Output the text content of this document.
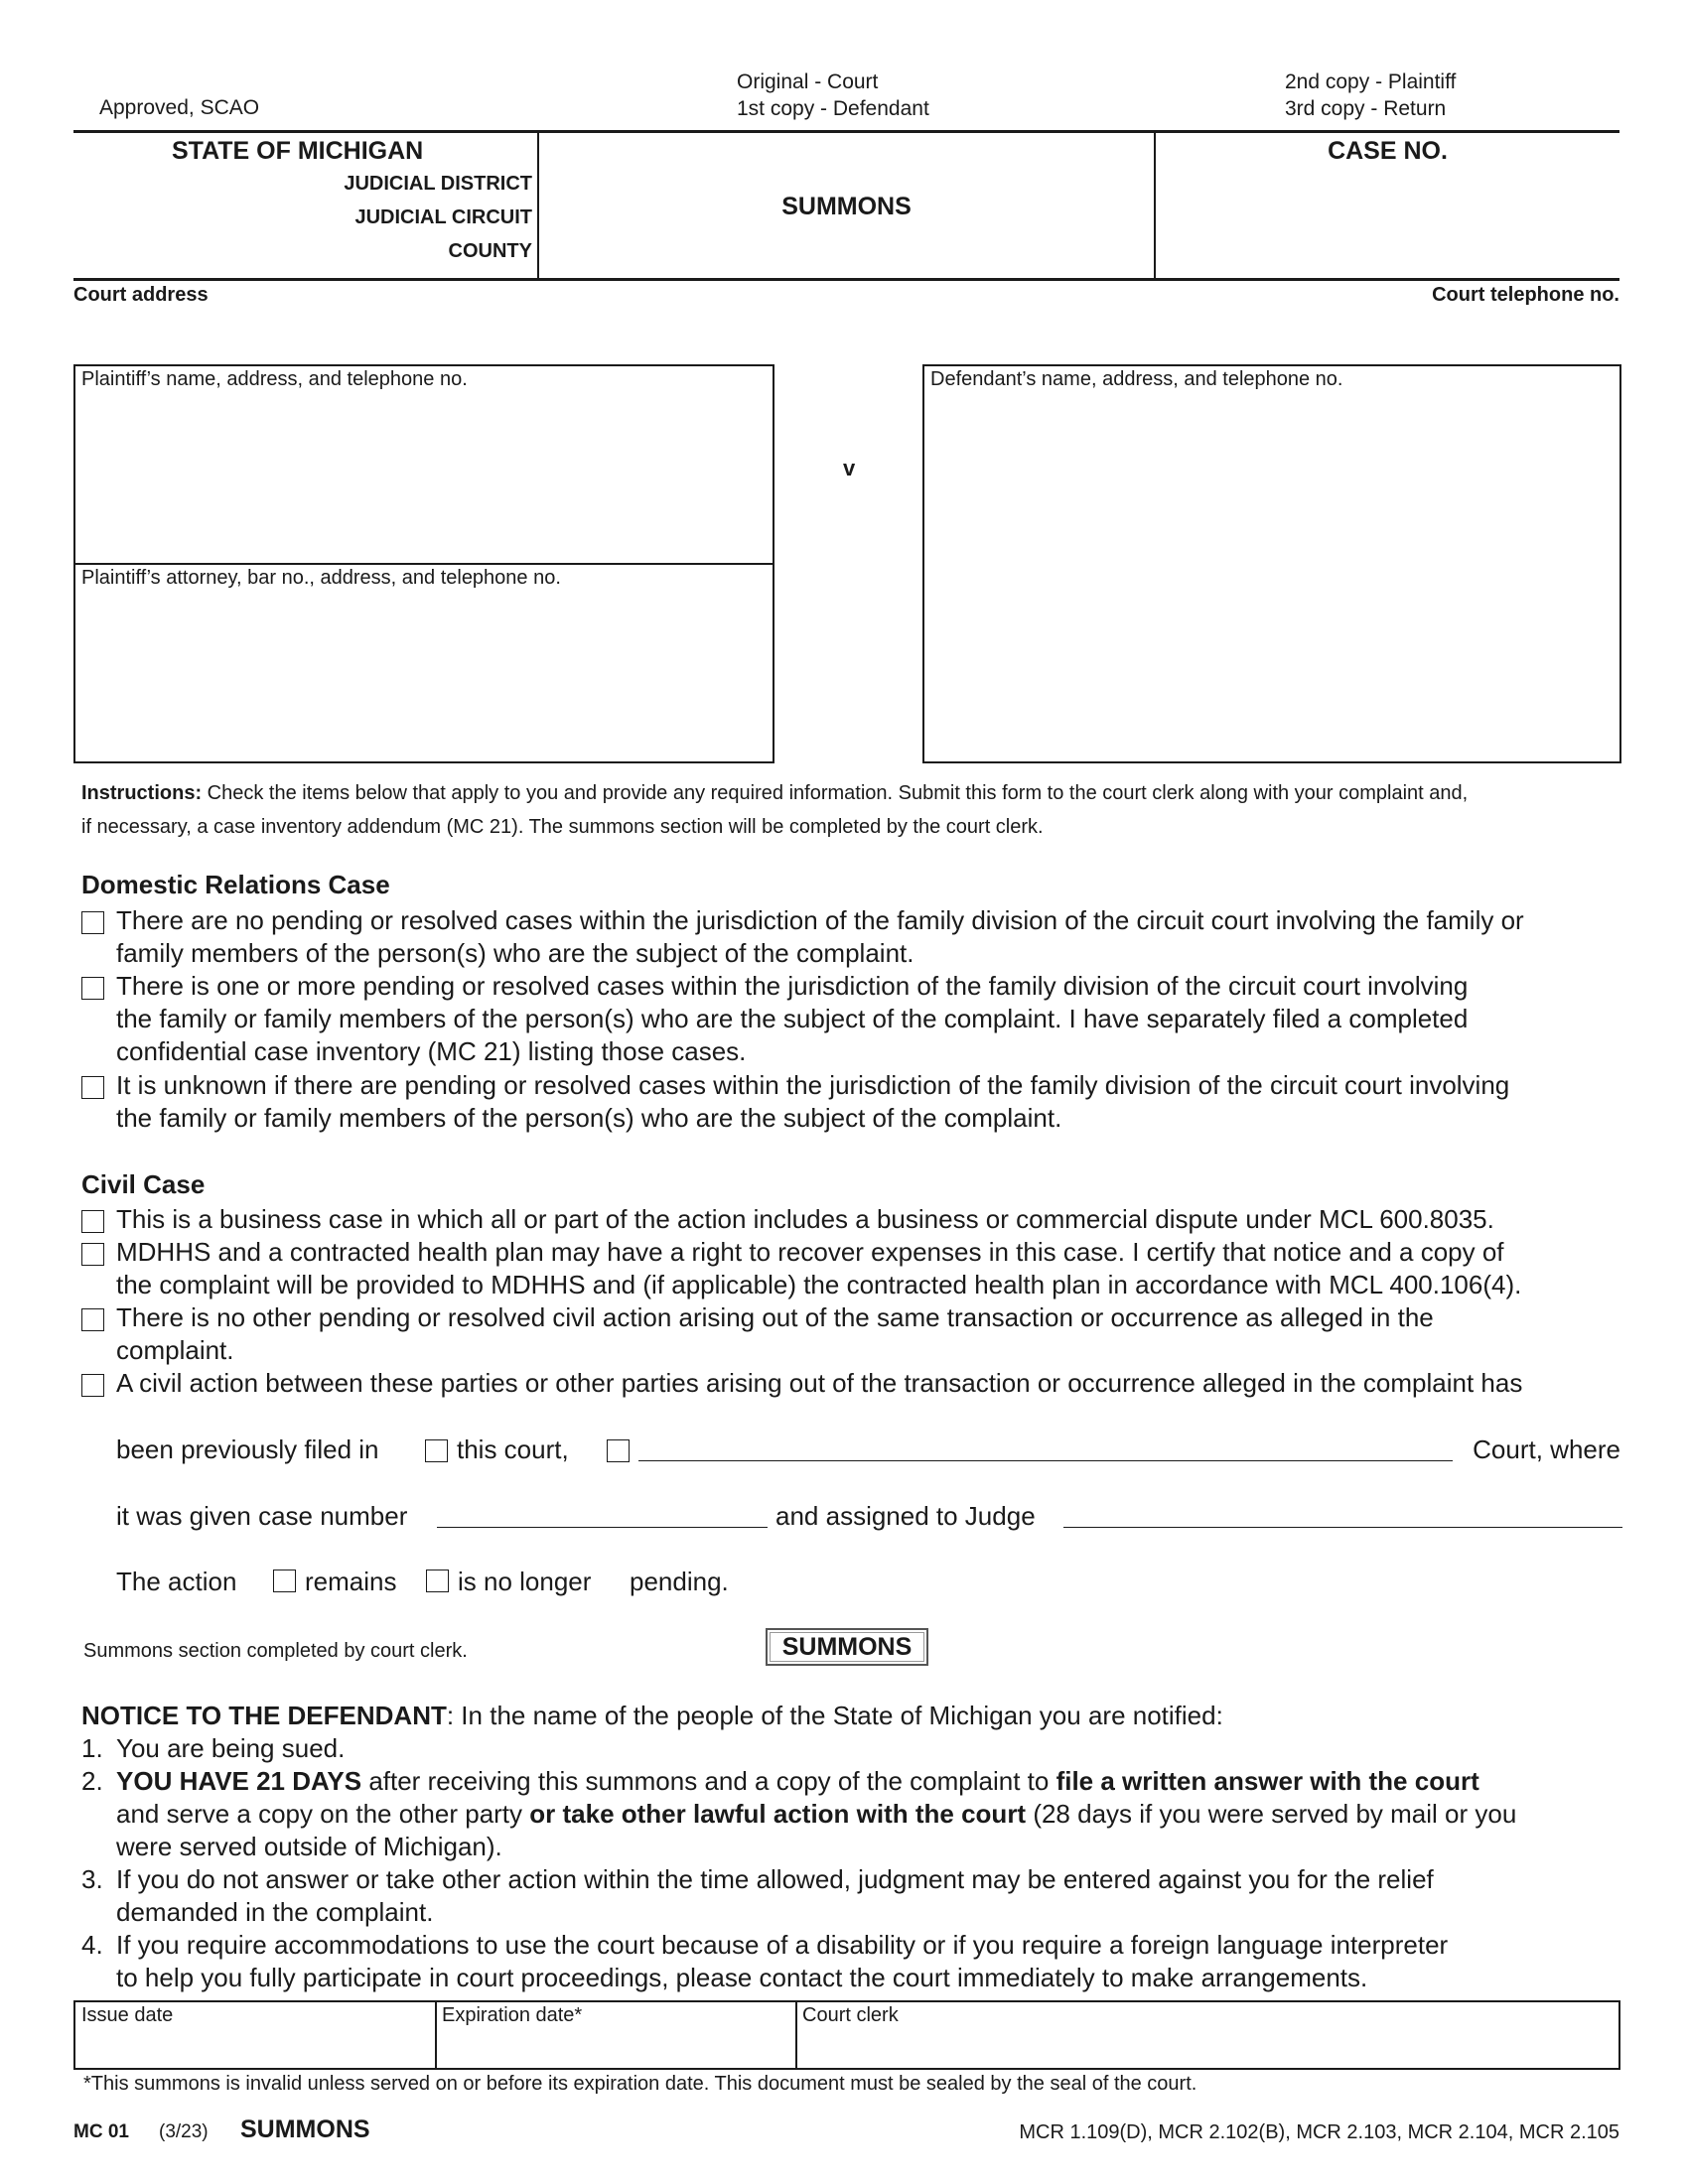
Approved, SCAO
Original - Court
1st copy - Defendant
2nd copy - Plaintiff
3rd copy - Return
STATE OF MICHIGAN
JUDICIAL DISTRICT
JUDICIAL CIRCUIT
COUNTY
SUMMONS
CASE NO.
Court address	Court telephone no.
Plaintiff’s name, address, and telephone no.
Plaintiff’s attorney, bar no., address, and telephone no.
v
Defendant’s name, address, and telephone no.
Instructions: Check the items below that apply to you and provide any required information. Submit this form to the court clerk along with your complaint and,
if necessary, a case inventory addendum (MC 21). The summons section will be completed by the court clerk.
Domestic Relations Case
There are no pending or resolved cases within the jurisdiction of the family division of the circuit court involving the family or
family members of the person(s) who are the subject of the complaint.
There is one or more pending or resolved cases within the jurisdiction of the family division of the circuit court involving
the family or family members of the person(s) who are the subject of the complaint. I have separately filed a completed
confidential case inventory (MC 21) listing those cases.
It is unknown if there are pending or resolved cases within the jurisdiction of the family division of the circuit court involving
the family or family members of the person(s) who are the subject of the complaint.
Civil Case
This is a business case in which all or part of the action includes a business or commercial dispute under MCL 600.8035.
MDHHS and a contracted health plan may have a right to recover expenses in this case. I certify that notice and a copy of
the complaint will be provided to MDHHS and (if applicable) the contracted health plan in accordance with MCL 400.106(4).
There is no other pending or resolved civil action arising out of the same transaction or occurrence as alleged in the
complaint.
A civil action between these parties or other parties arising out of the transaction or occurrence alleged in the complaint has
been previously filed in	this court,	Court, where
it was given case number	and assigned to Judge
The action	remains is no longer pending.
Summons section completed by court clerk.	SUMMONS
NOTICE TO THE DEFENDANT: In the name of the people of the State of Michigan you are notified:
1. You are being sued.
2. YOU HAVE 21 DAYS after receiving this summons and a copy of the complaint to file a written answer with the court
and serve a copy on the other party or take other lawful action with the court (28 days if you were served by mail or you
were served outside of Michigan).
3. If you do not answer or take other action within the time allowed, judgment may be entered against you for the relief
demanded in the complaint.
4. If you require accommodations to use the court because of a disability or if you require a foreign language interpreter
to help you fully participate in court proceedings, please contact the court immediately to make arrangements.
Issue date	Expiration date*	Court clerk
*This summons is invalid unless served on or before its expiration date. This document must be sealed by the seal of the court.
MC 01 (3/23) SUMMONS	MCR 1.109(D), MCR 2.102(B), MCR 2.103, MCR 2.104, MCR 2.105
